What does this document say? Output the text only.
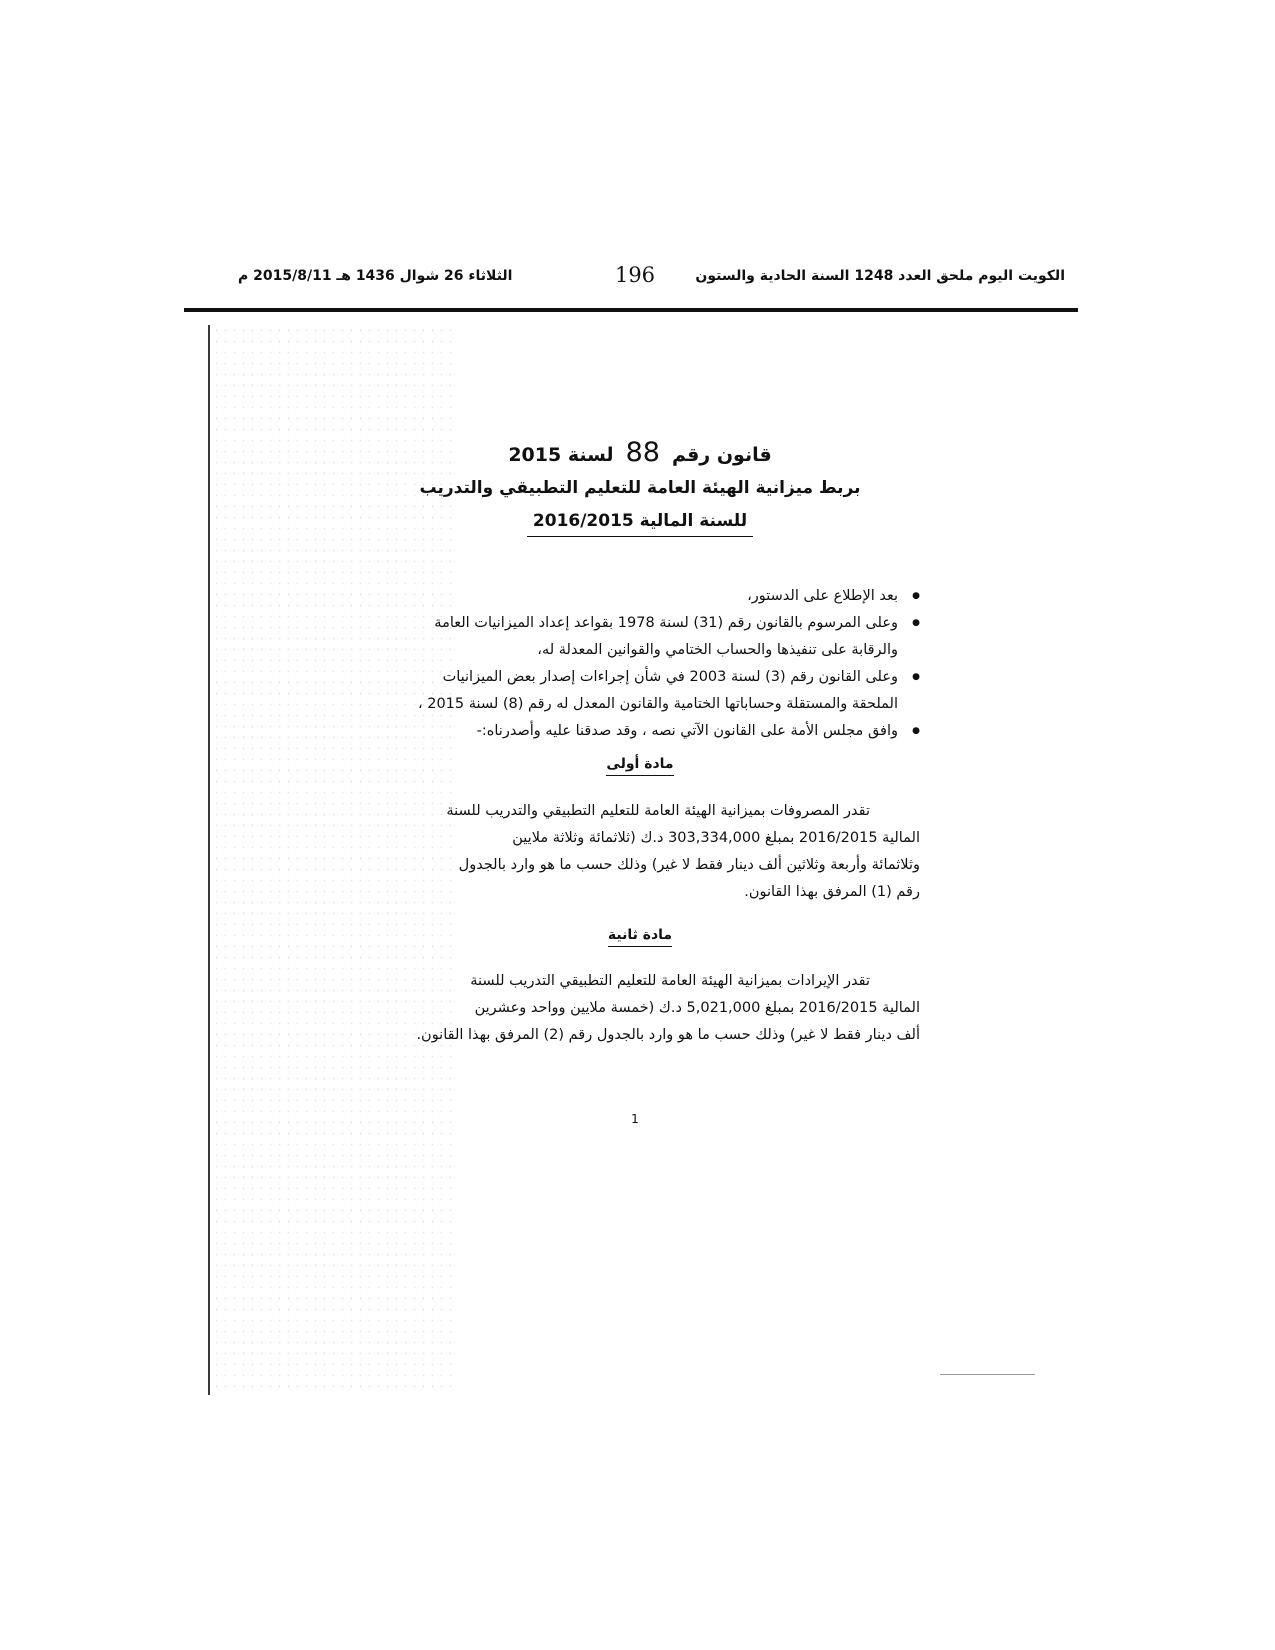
الكويت اليوم ملحق العدد 1248 السنة الحادية والستون
196
الثلاثاء 26 شوال 1436 هـ 2015/8/11 م
قانون رقم88لسنة 2015
بربط ميزانية الهيئة العامة للتعليم التطبيقي والتدريب
للسنة المالية 2016/2015
● بعد الإطلاع على الدستور،
● وعلى المرسوم بالقانون رقم (31) لسنة 1978 بقواعد إعداد الميزانيات العامة
والرقابة على تنفيذها والحساب الختامي والقوانين المعدلة له،
● وعلى القانون رقم (3) لسنة 2003 في شأن إجراءات إصدار بعض الميزانيات
الملحقة والمستقلة وحساباتها الختامية والقانون المعدل له رقم (8) لسنة 2015 ،
● وافق مجلس الأمة على القانون الآتي نصه ، وقد صدقنا عليه وأصدرناه:-
مادة أولى
تقدر المصروفات بميزانية الهيئة العامة للتعليم التطبيقي والتدريب للسنة
المالية 2016/2015 بمبلغ 303,334,000 د.ك (ثلاثمائة وثلاثة ملايين
وثلاثمائة وأربعة وثلاثين ألف دينار فقط لا غير) وذلك حسب ما هو وارد بالجدول
رقم (1) المرفق بهذا القانون.
مادة ثانية
تقدر الإيرادات بميزانية الهيئة العامة للتعليم التطبيقي التدريب للسنة
المالية 2016/2015 بمبلغ 5,021,000 د.ك (خمسة ملايين وواحد وعشرين
ألف دينار فقط لا غير) وذلك حسب ما هو وارد بالجدول رقم (2) المرفق بهذا القانون.
1
